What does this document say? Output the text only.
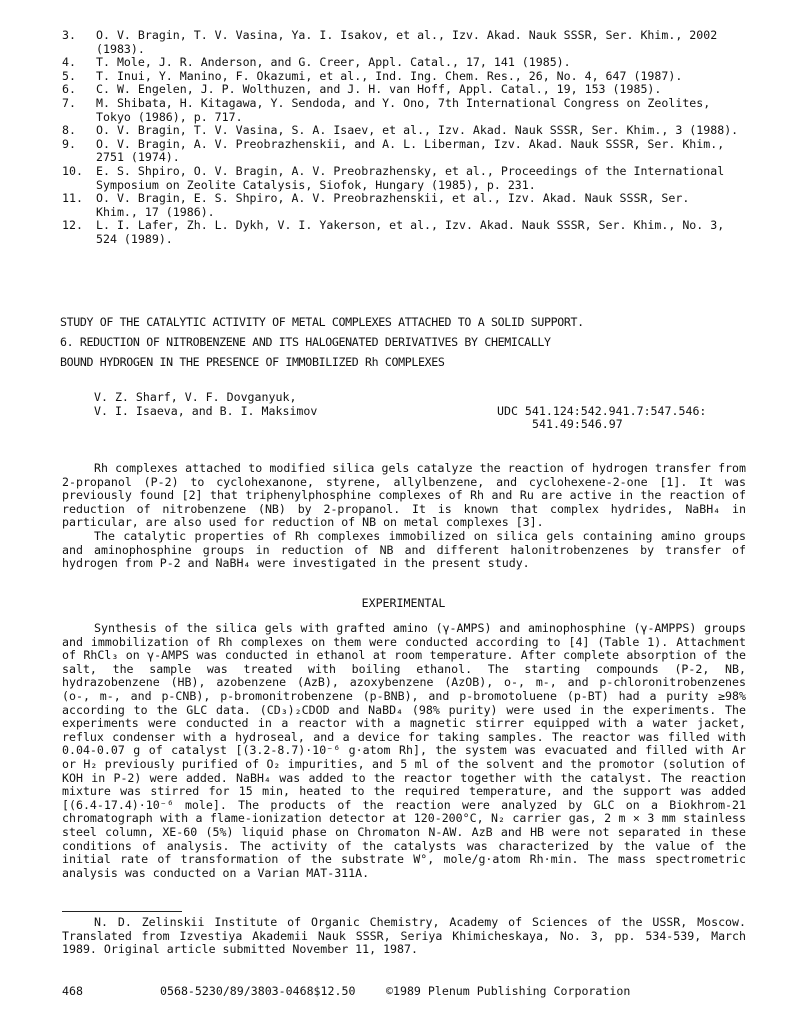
3.	O. V. Bragin, T. V. Vasina, Ya. I. Isakov, et al., Izv. Akad. Nauk SSSR, Ser. Khim., 2002
(1983).
4.	T. Mole, J. R. Anderson, and G. Creer, Appl. Catal., 17, 141 (1985).
5.	T. Inui, Y. Manino, F. Okazumi, et al., Ind. Ing. Chem. Res., 26, No. 4, 647 (1987).
6.	C. W. Engelen, J. P. Wolthuzen, and J. H. van Hoff, Appl. Catal., 19, 153 (1985).
7.	M. Shibata, H. Kitagawa, Y. Sendoda, and Y. Ono, 7th International Congress on Zeolites,
Tokyo (1986), p. 717.
8.	O. V. Bragin, T. V. Vasina, S. A. Isaev, et al., Izv. Akad. Nauk SSSR, Ser. Khim., 3 (1988).
9.	O. V. Bragin, A. V. Preobrazhenskii, and A. L. Liberman, Izv. Akad. Nauk SSSR, Ser. Khim.,
2751 (1974).
10.	E. S. Shpiro, O. V. Bragin, A. V. Preobrazhensky, et al., Proceedings of the International
Symposium on Zeolite Catalysis, Siofok, Hungary (1985), p. 231.
11.	O. V. Bragin, E. S. Shpiro, A. V. Preobrazhenskii, et al., Izv. Akad. Nauk SSSR, Ser.
Khim., 17 (1986).
12.	L. I. Lafer, Zh. L. Dykh, V. I. Yakerson, et al., Izv. Akad. Nauk SSSR, Ser. Khim., No. 3,
524 (1989).
STUDY OF THE CATALYTIC ACTIVITY OF METAL COMPLEXES ATTACHED TO A SOLID SUPPORT.
6. REDUCTION OF NITROBENZENE AND ITS HALOGENATED DERIVATIVES BY CHEMICALLY
BOUND HYDROGEN IN THE PRESENCE OF IMMOBILIZED Rh COMPLEXES
V. Z. Sharf, V. F. Dovganyuk,
V. I. Isaeva, and B. I. Maksimov	UDC 541.124:542.941.7:547.546:

541.49:546.97

Rh complexes attached to modified silica gels catalyze the reaction of hydrogen transfer from 2-propanol (P-2) to cyclohexanone, styrene, allylbenzene, and cyclohexene-2-one [1]. It was previously found [2] that triphenylphosphine complexes of Rh and Ru are active in the reaction of reduction of nitrobenzene (NB) by 2-propanol. It is known that complex hydrides, NaBH₄ in particular, are also used for reduction of NB on metal complexes [3].
The catalytic properties of Rh complexes immobilized on silica gels containing amino groups and aminophosphine groups in reduction of NB and different halonitrobenzenes by transfer of hydrogen from P-2 and NaBH₄ were investigated in the present study.
EXPERIMENTAL
Synthesis of the silica gels with grafted amino (γ-AMPS) and aminophosphine (γ-AMPPS) groups and immobilization of Rh complexes on them were conducted according to [4] (Table 1). Attachment of RhCl₃ on γ-AMPS was conducted in ethanol at room temperature. After complete absorption of the salt, the sample was treated with boiling ethanol. The starting compounds (P-2, NB, hydrazobenzene (HB), azobenzene (AzB), azoxybenzene (AzOB), o-, m-, and p-chloronitrobenzenes (o-, m-, and p-CNB), p-bromonitrobenzene (p-BNB), and p-bromotoluene (p-BT) had a purity ≥98% according to the GLC data. (CD₃)₂CDOD and NaBD₄ (98% purity) were used in the experiments. The experiments were conducted in a reactor with a magnetic stirrer equipped with a water jacket, reflux condenser with a hydroseal, and a device for taking samples. The reactor was filled with 0.04-0.07 g of catalyst [(3.2-8.7)·10⁻⁶ g·atom Rh], the system was evacuated and filled with Ar or H₂ previously purified of O₂ impurities, and 5 ml of the solvent and the promotor (solution of KOH in P-2) were added. NaBH₄ was added to the reactor together with the catalyst. The reaction mixture was stirred for 15 min, heated to the required temperature, and the support was added [(6.4-17.4)·10⁻⁶ mole]. The products of the reaction were analyzed by GLC on a Biokhrom-21 chromatograph with a flame-ionization detector at 120-200°C, N₂ carrier gas, 2 m × 3 mm stainless steel column, XE-60 (5%) liquid phase on Chromaton N-AW. AzB and HB were not separated in these conditions of analysis. The activity of the catalysts was characterized by the value of the initial rate of transformation of the substrate W°, mole/g·atom Rh·min. The mass spectrometric analysis was conducted on a Varian MAT-311A.
N. D. Zelinskii Institute of Organic Chemistry, Academy of Sciences of the USSR, Moscow. Translated from Izvestiya Akademii Nauk SSSR, Seriya Khimicheskaya, No. 3, pp. 534-539, March 1989. Original article submitted November 11, 1987.
468	0568-5230/89/3803-0468$12.50	©1989 Plenum Publishing Corporation
